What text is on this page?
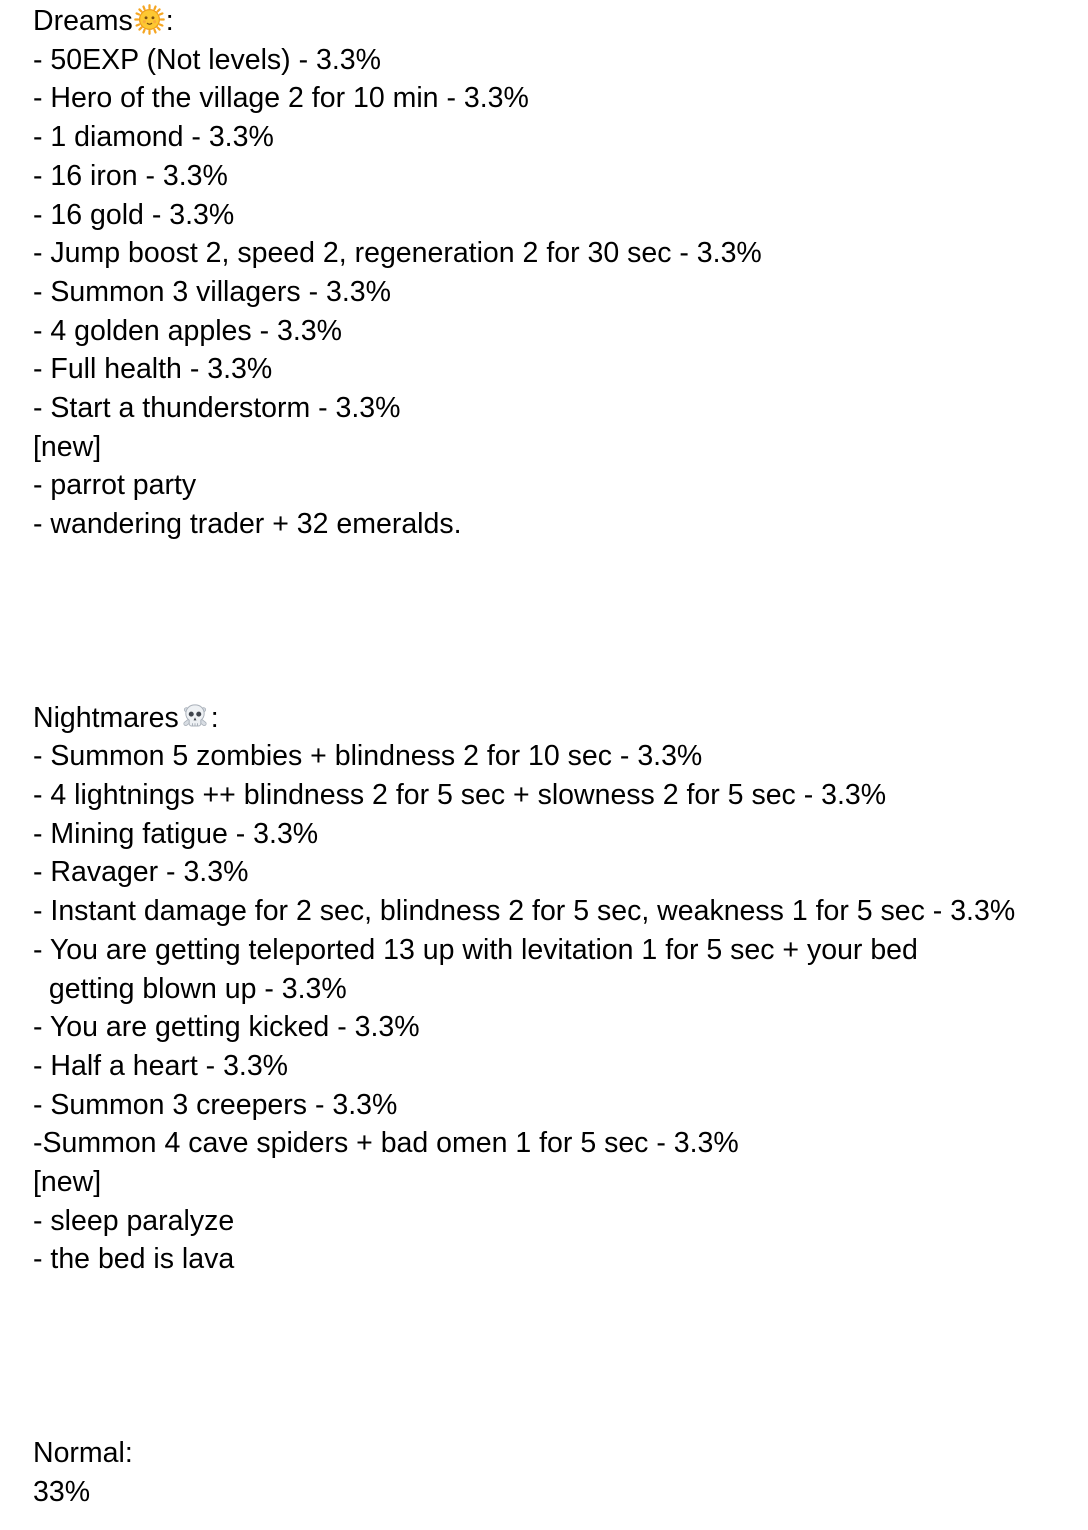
Dreams :
- 50EXP (Not levels) - 3.3%
- Hero of the village 2 for 10 min - 3.3%
- 1 diamond - 3.3%
- 16 iron - 3.3%
- 16 gold - 3.3%
- Jump boost 2, speed 2, regeneration 2 for 30 sec - 3.3%
- Summon 3 villagers - 3.3%
- 4 golden apples - 3.3%
- Full health - 3.3%
- Start a thunderstorm - 3.3%
[new]
- parrot party
- wandering trader + 32 emeralds.
Nightmares :
- Summon 5 zombies + blindness 2 for 10 sec - 3.3%
- 4 lightnings ++ blindness 2 for 5 sec + slowness 2 for 5 sec - 3.3%
- Mining fatigue - 3.3%
- Ravager - 3.3%
- Instant damage for 2 sec, blindness 2 for 5 sec, weakness 1 for 5 sec - 3.3%
- You are getting teleported 13 up with levitation 1 for 5 sec + your bed
getting blown up - 3.3%
- You are getting kicked - 3.3%
- Half a heart - 3.3%
- Summon 3 creepers - 3.3%
-Summon 4 cave spiders + bad omen 1 for 5 sec - 3.3%
[new]
- sleep paralyze
- the bed is lava
Normal:
33%
